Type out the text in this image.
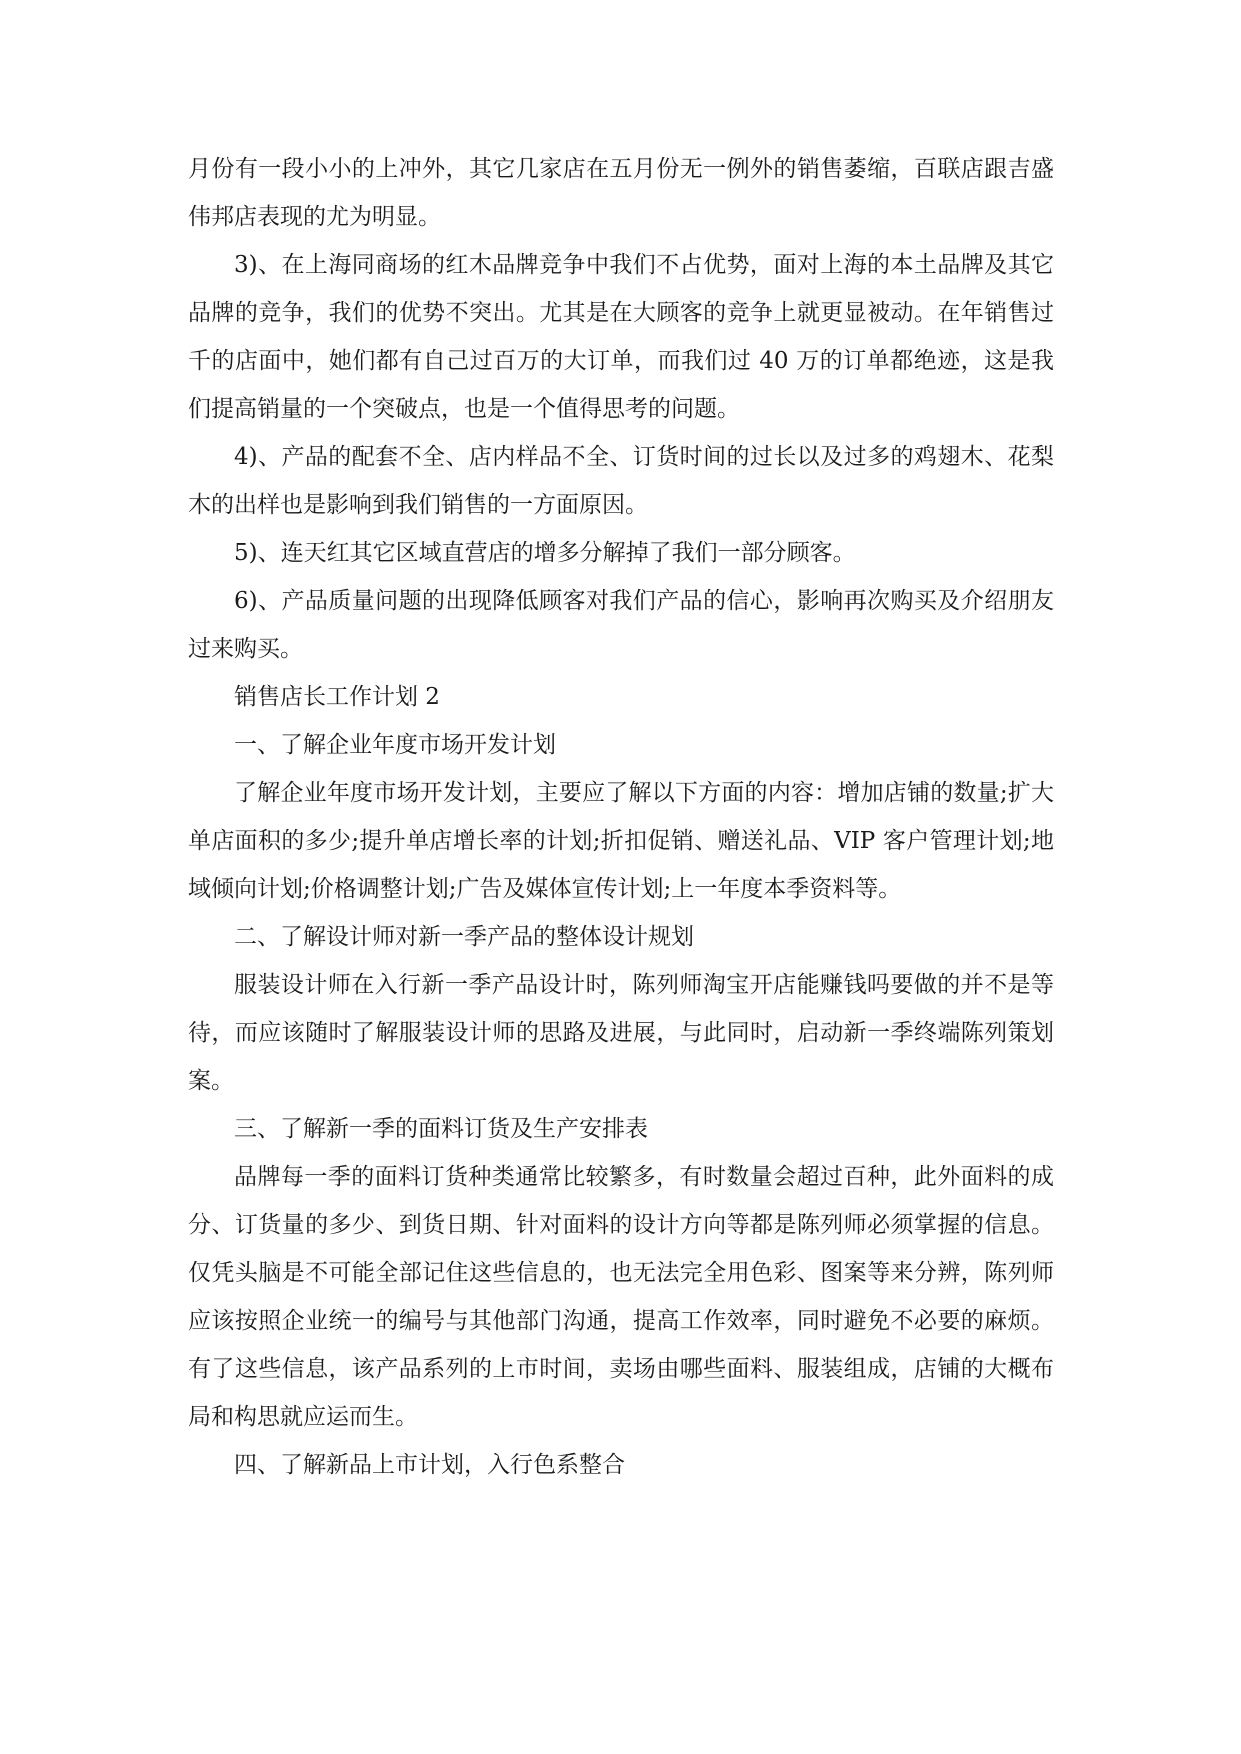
月份有一段小小的上冲外，其它几家店在五月份无一例外的销售萎缩，百联店跟吉盛伟邦店表现的尤为明显。

3)、在上海同商场的红木品牌竞争中我们不占优势，面对上海的本土品牌及其它品牌的竞争，我们的优势不突出。尤其是在大顾客的竞争上就更显被动。在年销售过千的店面中，她们都有自己过百万的大订单，而我们过 40 万的订单都绝迹，这是我们提高销量的一个突破点，也是一个值得思考的问题。

4)、产品的配套不全、店内样品不全、订货时间的过长以及过多的鸡翅木、花梨木的出样也是影响到我们销售的一方面原因。

5)、连天红其它区域直营店的增多分解掉了我们一部分顾客。

6)、产品质量问题的出现降低顾客对我们产品的信心，影响再次购买及介绍朋友过来购买。

销售店长工作计划 2

一、了解企业年度市场开发计划

了解企业年度市场开发计划，主要应了解以下方面的内容：增加店铺的数量;扩大单店面积的多少;提升单店增长率的计划;折扣促销、赠送礼品、VIP 客户管理计划;地域倾向计划;价格调整计划;广告及媒体宣传计划;上一年度本季资料等。

二、了解设计师对新一季产品的整体设计规划

服装设计师在入行新一季产品设计时，陈列师淘宝开店能赚钱吗要做的并不是等待，而应该随时了解服装设计师的思路及进展，与此同时，启动新一季终端陈列策划案。

三、了解新一季的面料订货及生产安排表

品牌每一季的面料订货种类通常比较繁多，有时数量会超过百种，此外面料的成分、订货量的多少、到货日期、针对面料的设计方向等都是陈列师必须掌握的信息。仅凭头脑是不可能全部记住这些信息的，也无法完全用色彩、图案等来分辨，陈列师应该按照企业统一的编号与其他部门沟通，提高工作效率，同时避免不必要的麻烦。有了这些信息，该产品系列的上市时间，卖场由哪些面料、服装组成，店铺的大概布局和构思就应运而生。

四、了解新品上市计划，入行色系整合
